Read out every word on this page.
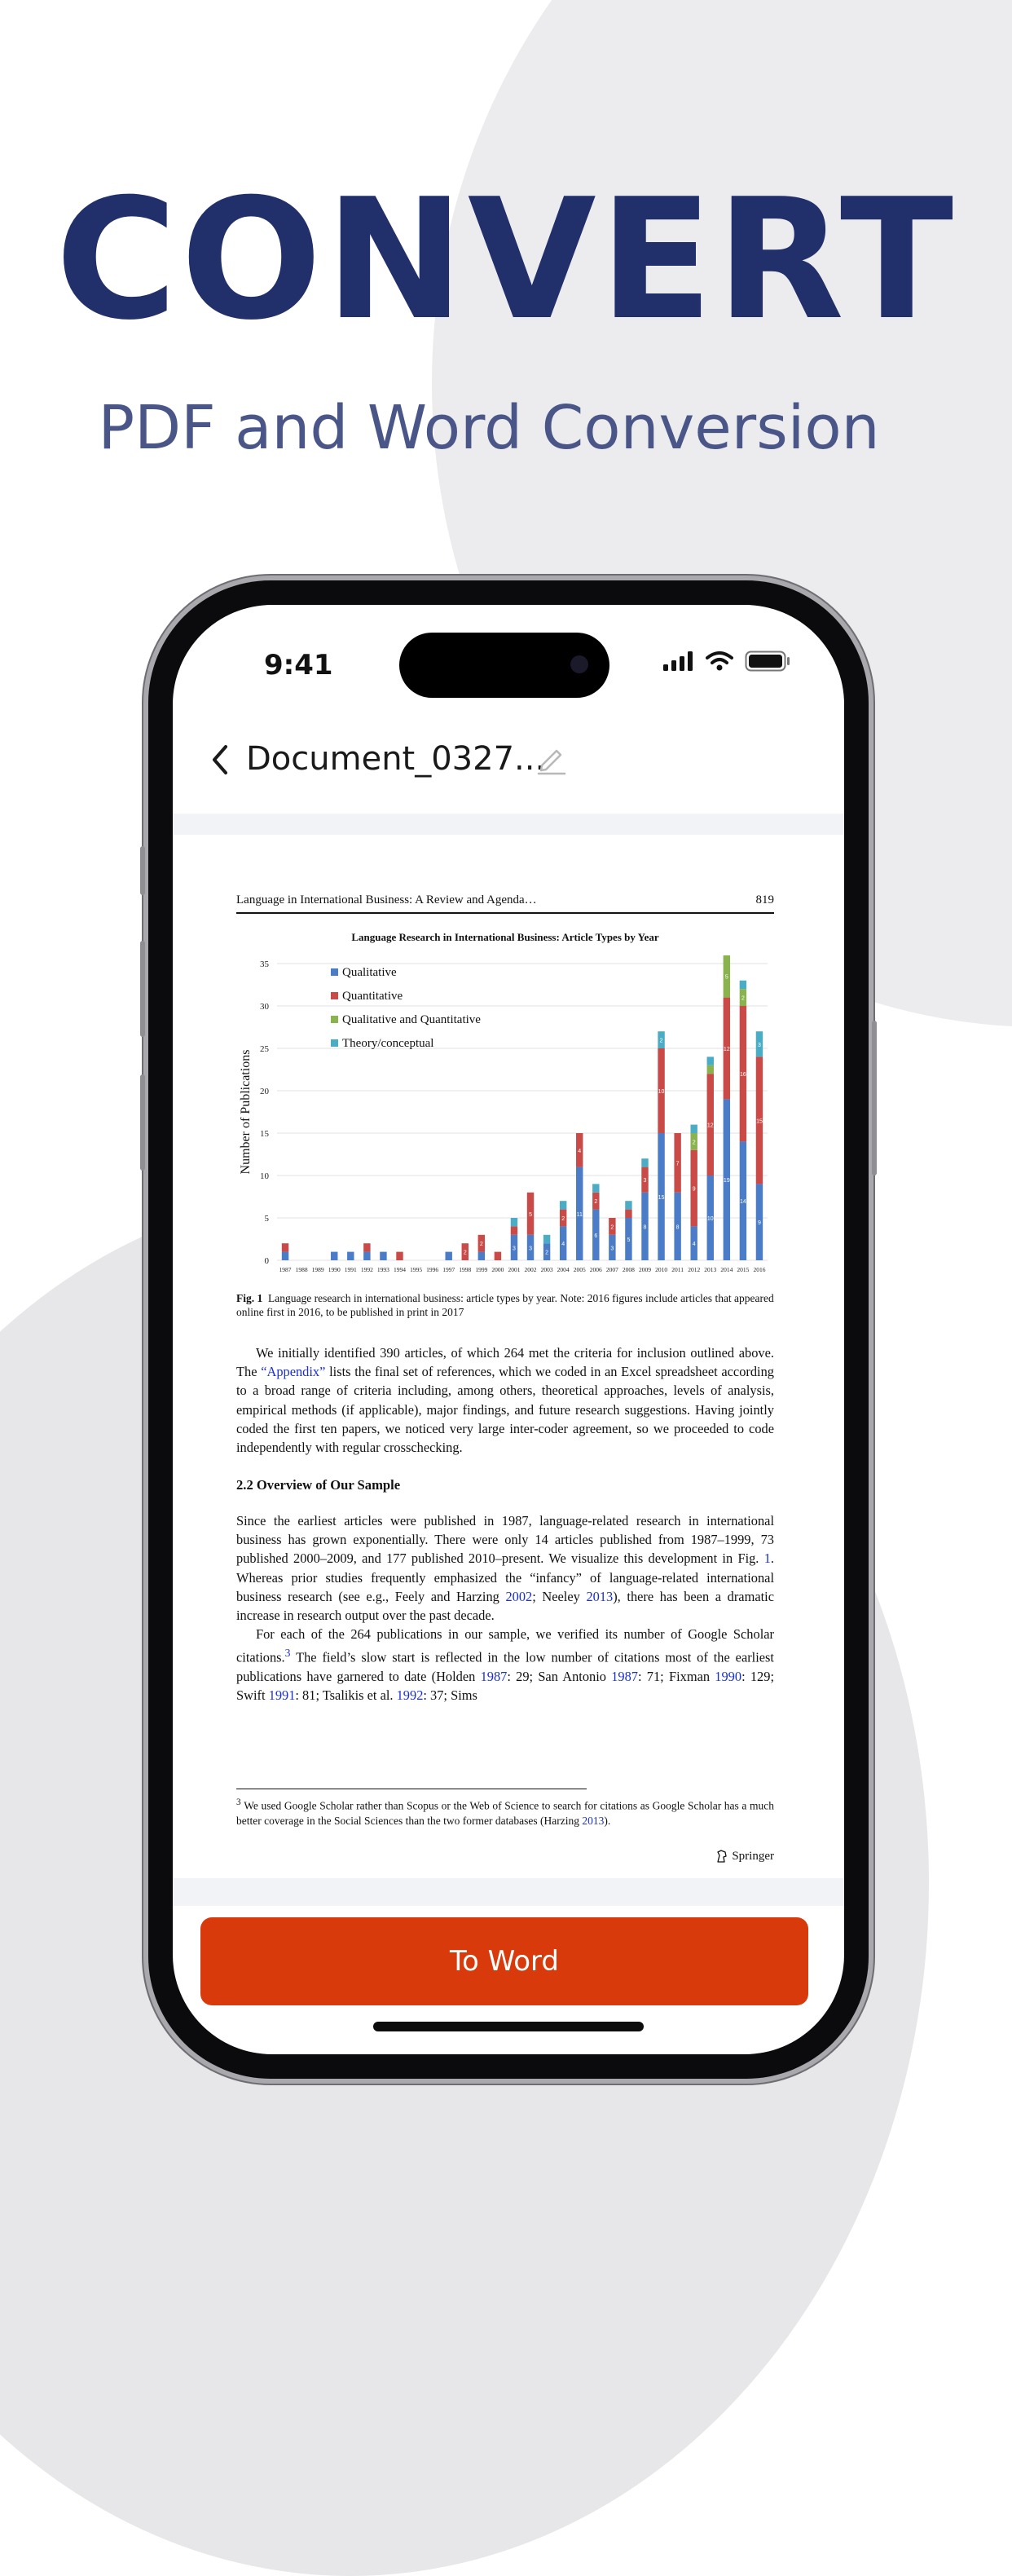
CONVERT
PDF and Word Conversion
9:41
Document_0327...
Language in International Business: A Review and Agenda…	819
Language Research in International Business: Article Types by Year
0
5
10
15
20
25
30
35
Number of Publications
1987 1988 1989 1990 1991 1992 1993 1994 1995 1996 1997
2
1998
2
1999 2000
3
2001
3
5
2002
2
2003
4
2
2004
11
4
2005
6
2
2006
3
2
2007
5
2008
8
3
2009
15
10
2
2010
8
7
2011
4
9
2
2012
10
12
2013
19
12
5
2014
14
16
2
2015
9
15
3
2016
Qualitative
Quantitative
Qualitative and Quantitative
Theory/conceptual
Fig. 1 Language research in international business: article types by year. Note: 2016 figures include articles that appeared online first in 2016, to be published in print in 2017

We initially identified 390 articles, of which 264 met the criteria for inclusion outlined above. The “Appendix” lists the final set of references, which we coded in an Excel spreadsheet according to a broad range of criteria including, among others, theoretical approaches, levels of analysis, empirical methods (if applicable), major findings, and future research suggestions. Having jointly coded the first ten papers, we noticed very large inter-coder agreement, so we proceeded to code independently with regular crosschecking.

2.2 Overview of Our Sample

Since the earliest articles were published in 1987, language-related research in international business has grown exponentially. There were only 14 articles published from 1987–1999, 73 published 2000–2009, and 177 published 2010–present. We visualize this development in Fig. 1. Whereas prior studies frequently emphasized the “infancy” of language-related international business research (see e.g., Feely and Harzing 2002; Neeley 2013), there has been a dramatic increase in research output over the past decade.

For each of the 264 publications in our sample, we verified its number of Google Scholar citations.$^3$ The field’s slow start is reflected in the low number of citations most of the earliest publications have garnered to date (Holden 1987: 29; San Antonio 1987: 71; Fixman 1990: 129; Swift 1991: 81; Tsalikis et al. 1992: 37; Sims

$^3$ We used Google Scholar rather than Scopus or the Web of Science to search for citations as Google Scholar has a much better coverage in the Social Sciences than the two former databases (Harzing 2013).
Springer
To Word
